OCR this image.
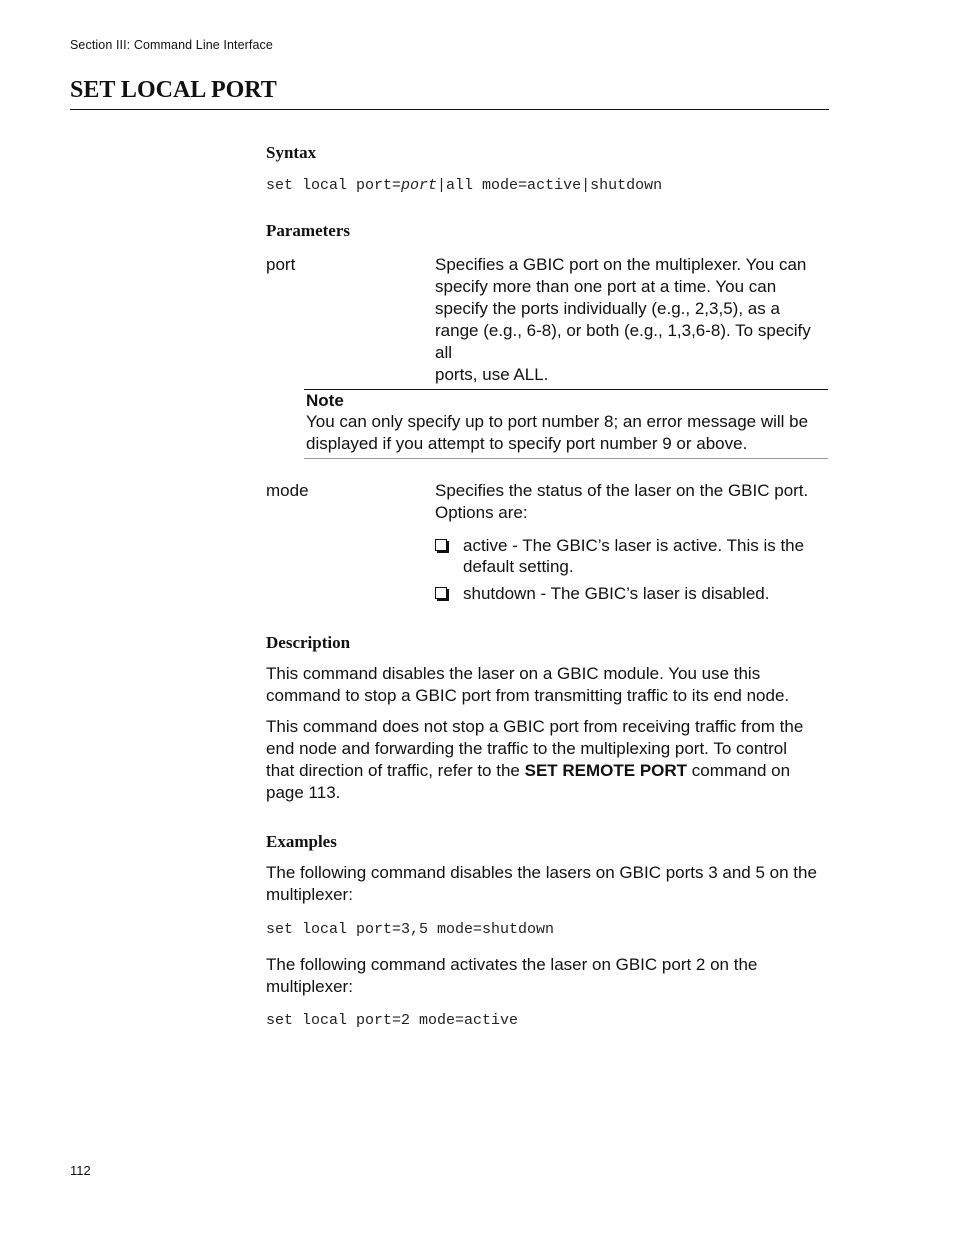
Section III: Command Line Interface
SET LOCAL PORT
Syntax
set local port=port|all mode=active|shutdown
Parameters
port	Specifies a GBIC port on the multiplexer. You can
specify more than one port at a time. You can
specify the ports individually (e.g., 2,3,5), as a
range (e.g., 6-8), or both (e.g., 1,3,6-8). To specify all
ports, use ALL.
Note
You can only specify up to port number 8; an error message will be
displayed if you attempt to specify port number 9 or above.
mode	Specifies the status of the laser on the GBIC port.
Options are:
active - The GBIC’s laser is active. This is the
default setting.
shutdown - The GBIC’s laser is disabled.
Description
This command disables the laser on a GBIC module. You use this
command to stop a GBIC port from transmitting traffic to its end node.
This command does not stop a GBIC port from receiving traffic from the
end node and forwarding the traffic to the multiplexing port. To control
that direction of traffic, refer to the SET REMOTE PORT command on
page 113.
Examples
The following command disables the lasers on GBIC ports 3 and 5 on the
multiplexer:
set local port=3,5 mode=shutdown
The following command activates the laser on GBIC port 2 on the
multiplexer:
set local port=2 mode=active
112
